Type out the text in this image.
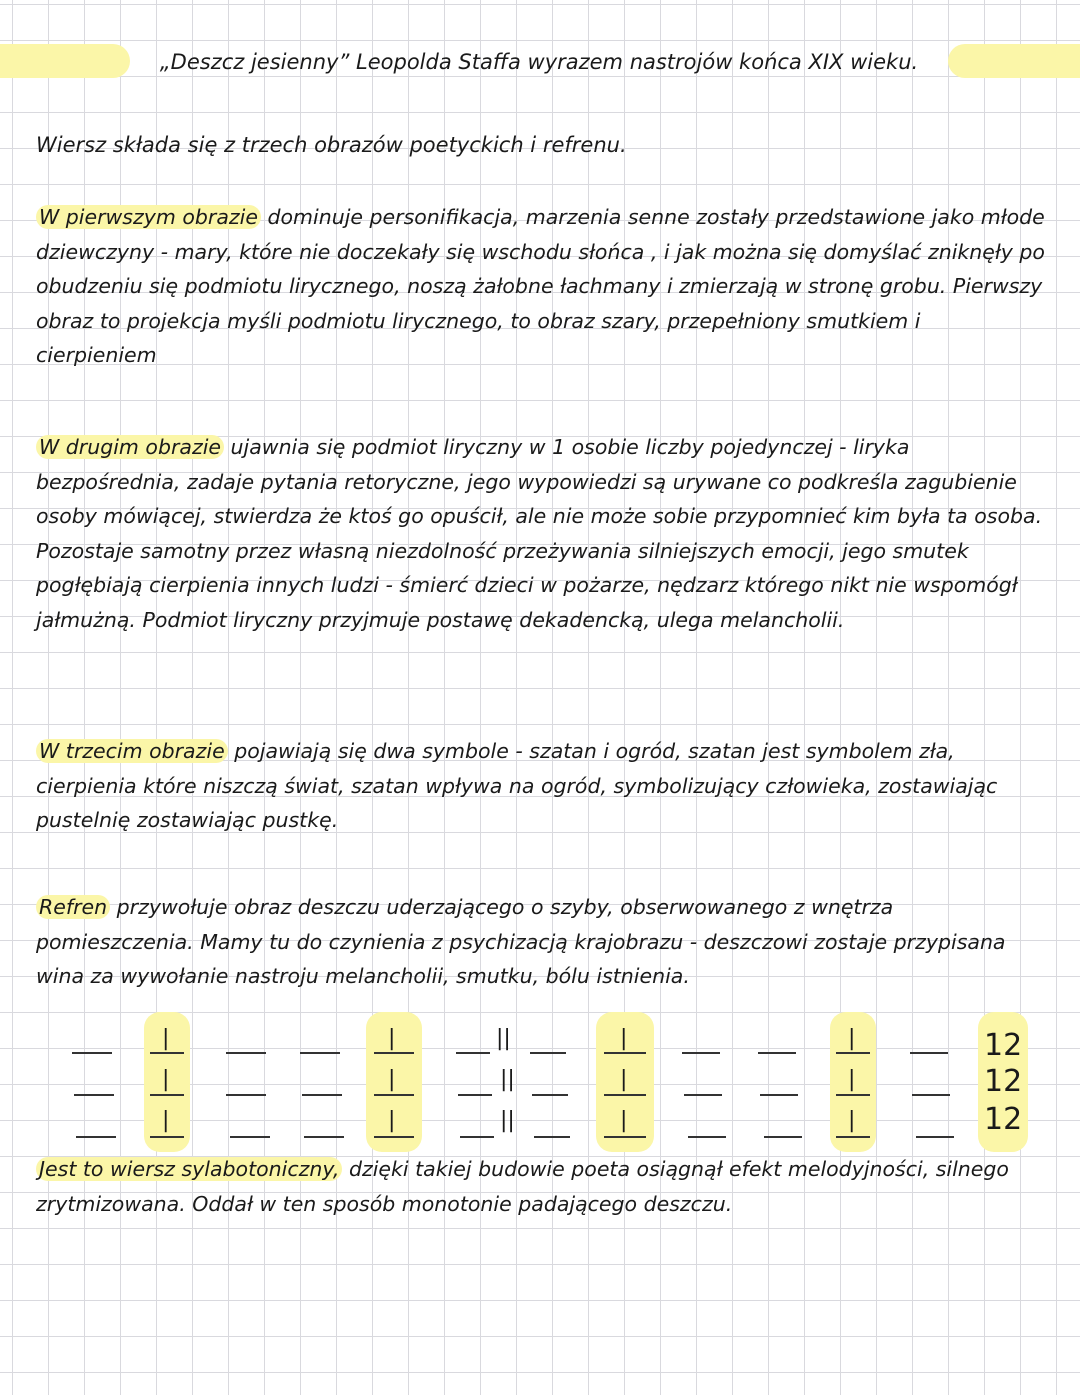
„Deszcz jesienny” Leopolda Staffa wyrazem nastrojów końca XIX wieku.
Wiersz składa się z trzech obrazów poetyckich i refrenu.
W pierwszym obrazie dominuje personifikacja, marzenia senne zostały przedstawione jako młode dziewczyny - mary, które nie doczekały się wschodu słońca , i jak można się domyślać zniknęły po obudzeniu się podmiotu lirycznego, noszą żałobne łachmany i zmierzają w stronę grobu. Pierwszy obraz to projekcja myśli podmiotu lirycznego, to obraz szary, przepełniony smutkiem i cierpieniem
W drugim obrazie ujawnia się podmiot liryczny w 1 osobie liczby pojedynczej - liryka bezpośrednia, zadaje pytania retoryczne, jego wypowiedzi są urywane co podkreśla zagubienie osoby mówiącej, stwierdza że ktoś go opuścił, ale nie może sobie przypomnieć kim była ta osoba. Pozostaje samotny przez własną niezdolność przeżywania silniejszych emocji, jego smutek pogłębiają cierpienia innych ludzi - śmierć dzieci w pożarze, nędzarz którego nikt nie wspomógł jałmużną. Podmiot liryczny przyjmuje postawę dekadencką, ulega melancholii.
W trzecim obrazie pojawiają się dwa symbole - szatan i ogród, szatan jest symbolem zła, cierpienia które niszczą świat, szatan wpływa na ogród, symbolizujący człowieka, zostawiając pustelnię zostawiając pustkę.
Refren przywołuje obraz deszczu uderzającego o szyby, obserwowanego z wnętrza pomieszczenia. Mamy tu do czynienia z psychizacją krajobrazu - deszczowi zostaje przypisana wina za wywołanie nastroju melancholii, smutku, bólu istnienia.
|
|
|
|
|
|
||
||
||
|
|
|
|
|
|
12
12
12
Jest to wiersz sylabotoniczny, dzięki takiej budowie poeta osiągnął efekt melodyjności, silnego zrytmizowana. Oddał w ten sposób monotonie padającego deszczu.
